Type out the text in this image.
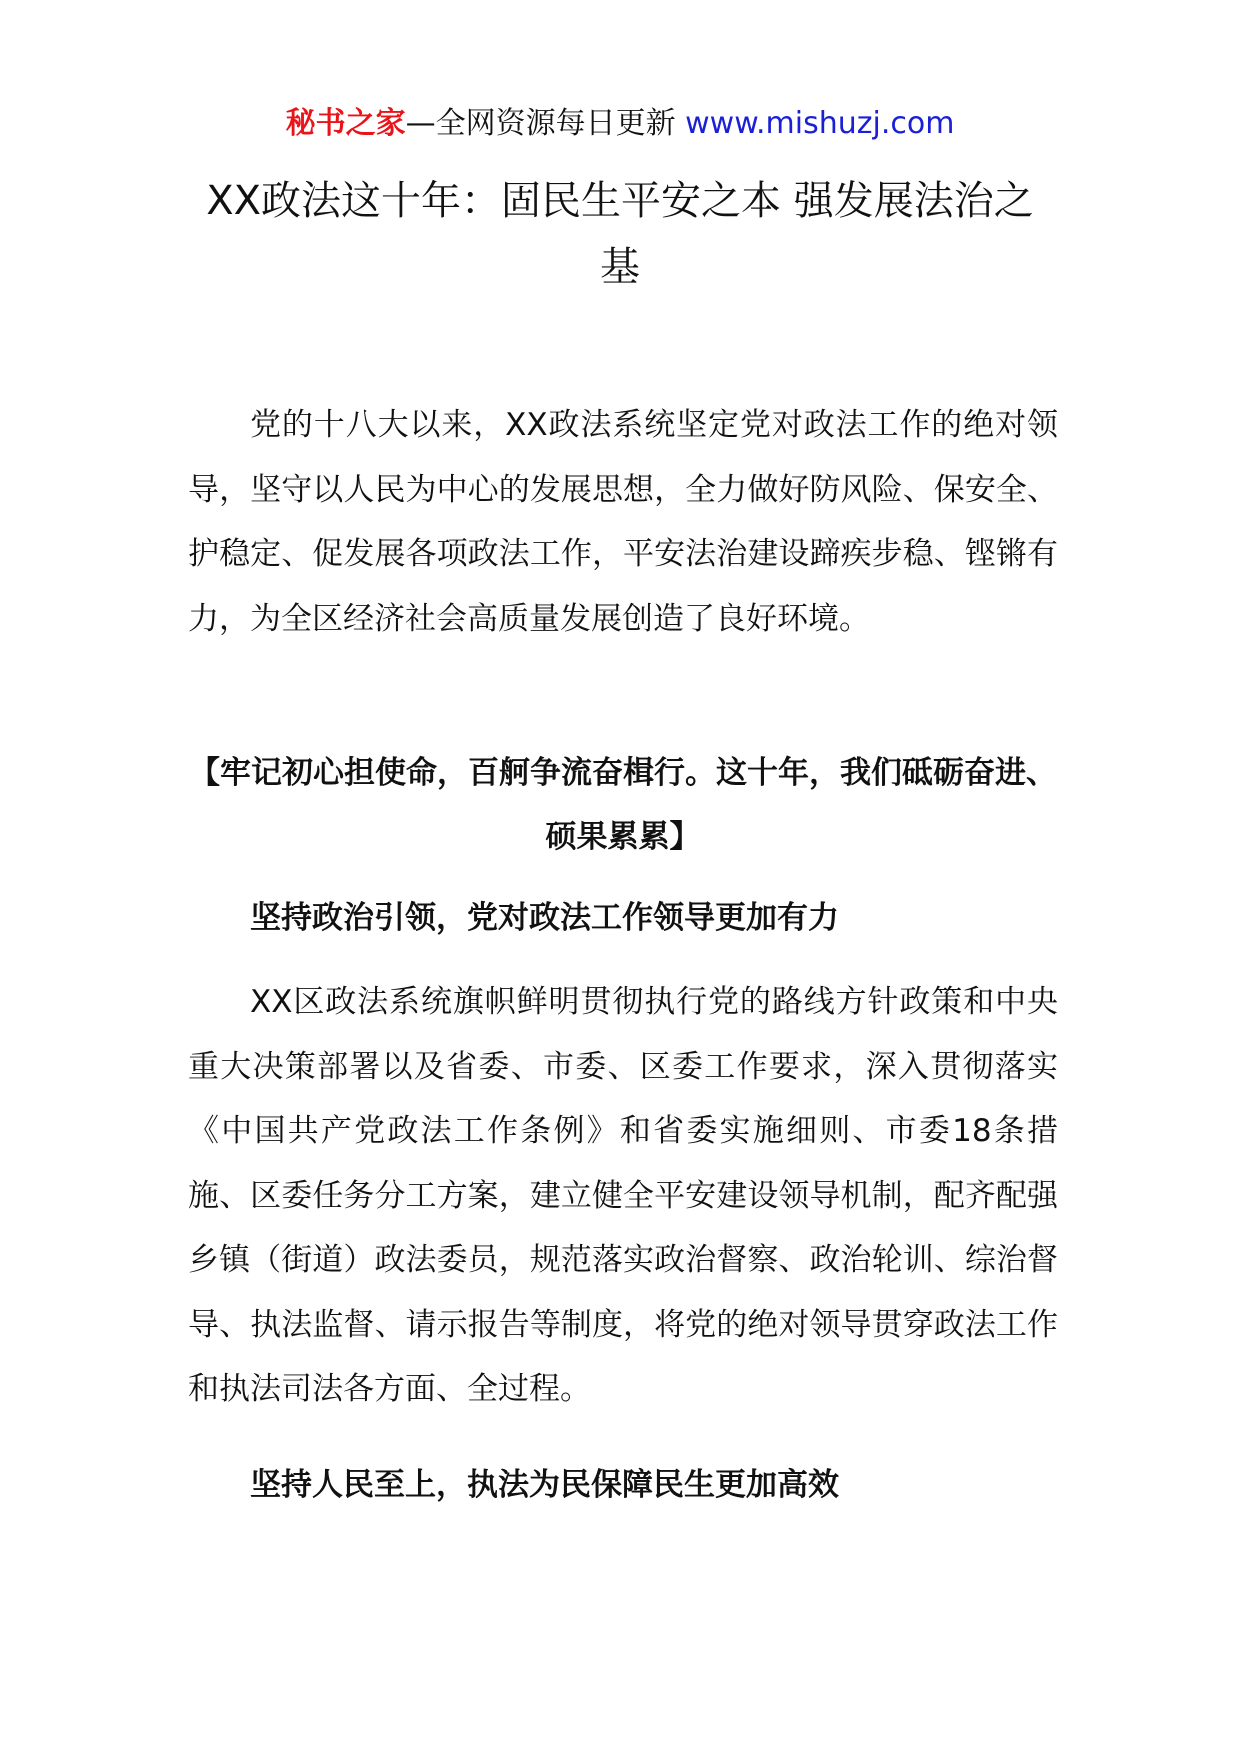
秘书之家—全网资源每日更新 www.mishuzj.com
XX政法这十年：固民生平安之本 强发展法治之基

党的十八大以来，XX政法系统坚定党对政法工作的绝对领导，坚守以人民为中心的发展思想，全力做好防风险、保安全、护稳定、促发展各项政法工作，平安法治建设蹄疾步稳、铿锵有力，为全区经济社会高质量发展创造了良好环境。

【牢记初心担使命，百舸争流奋楫行。这十年，我们砥砺奋进、硕果累累】

坚持政治引领，党对政法工作领导更加有力

XX区政法系统旗帜鲜明贯彻执行党的路线方针政策和中央重大决策部署以及省委、市委、区委工作要求，深入贯彻落实《中国共产党政法工作条例》和省委实施细则、市委18条措施、区委任务分工方案，建立健全平安建设领导机制，配齐配强乡镇（街道）政法委员，规范落实政治督察、政治轮训、综治督导、执法监督、请示报告等制度，将党的绝对领导贯穿政法工作和执法司法各方面、全过程。

坚持人民至上，执法为民保障民生更加高效
